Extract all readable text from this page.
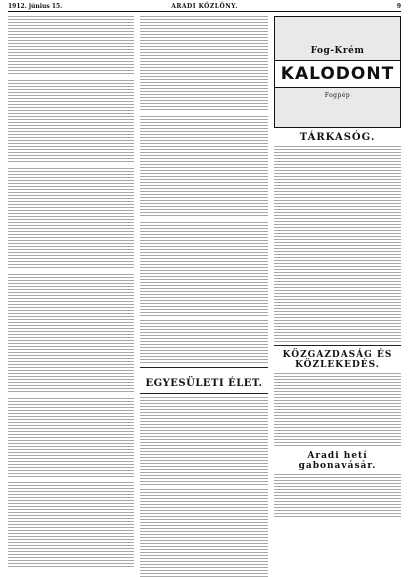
1912. június 15.	ARADI KÖZLÖNY.	9
EGYESÜLETI ÉLET.
Fog-Krém
KALODONT
Fogpép
TÁRKASÓG.
KÖZGAZDASÁG ÉS KÖZLEKEDÉS.
Aradi hetí gabonavásár.
